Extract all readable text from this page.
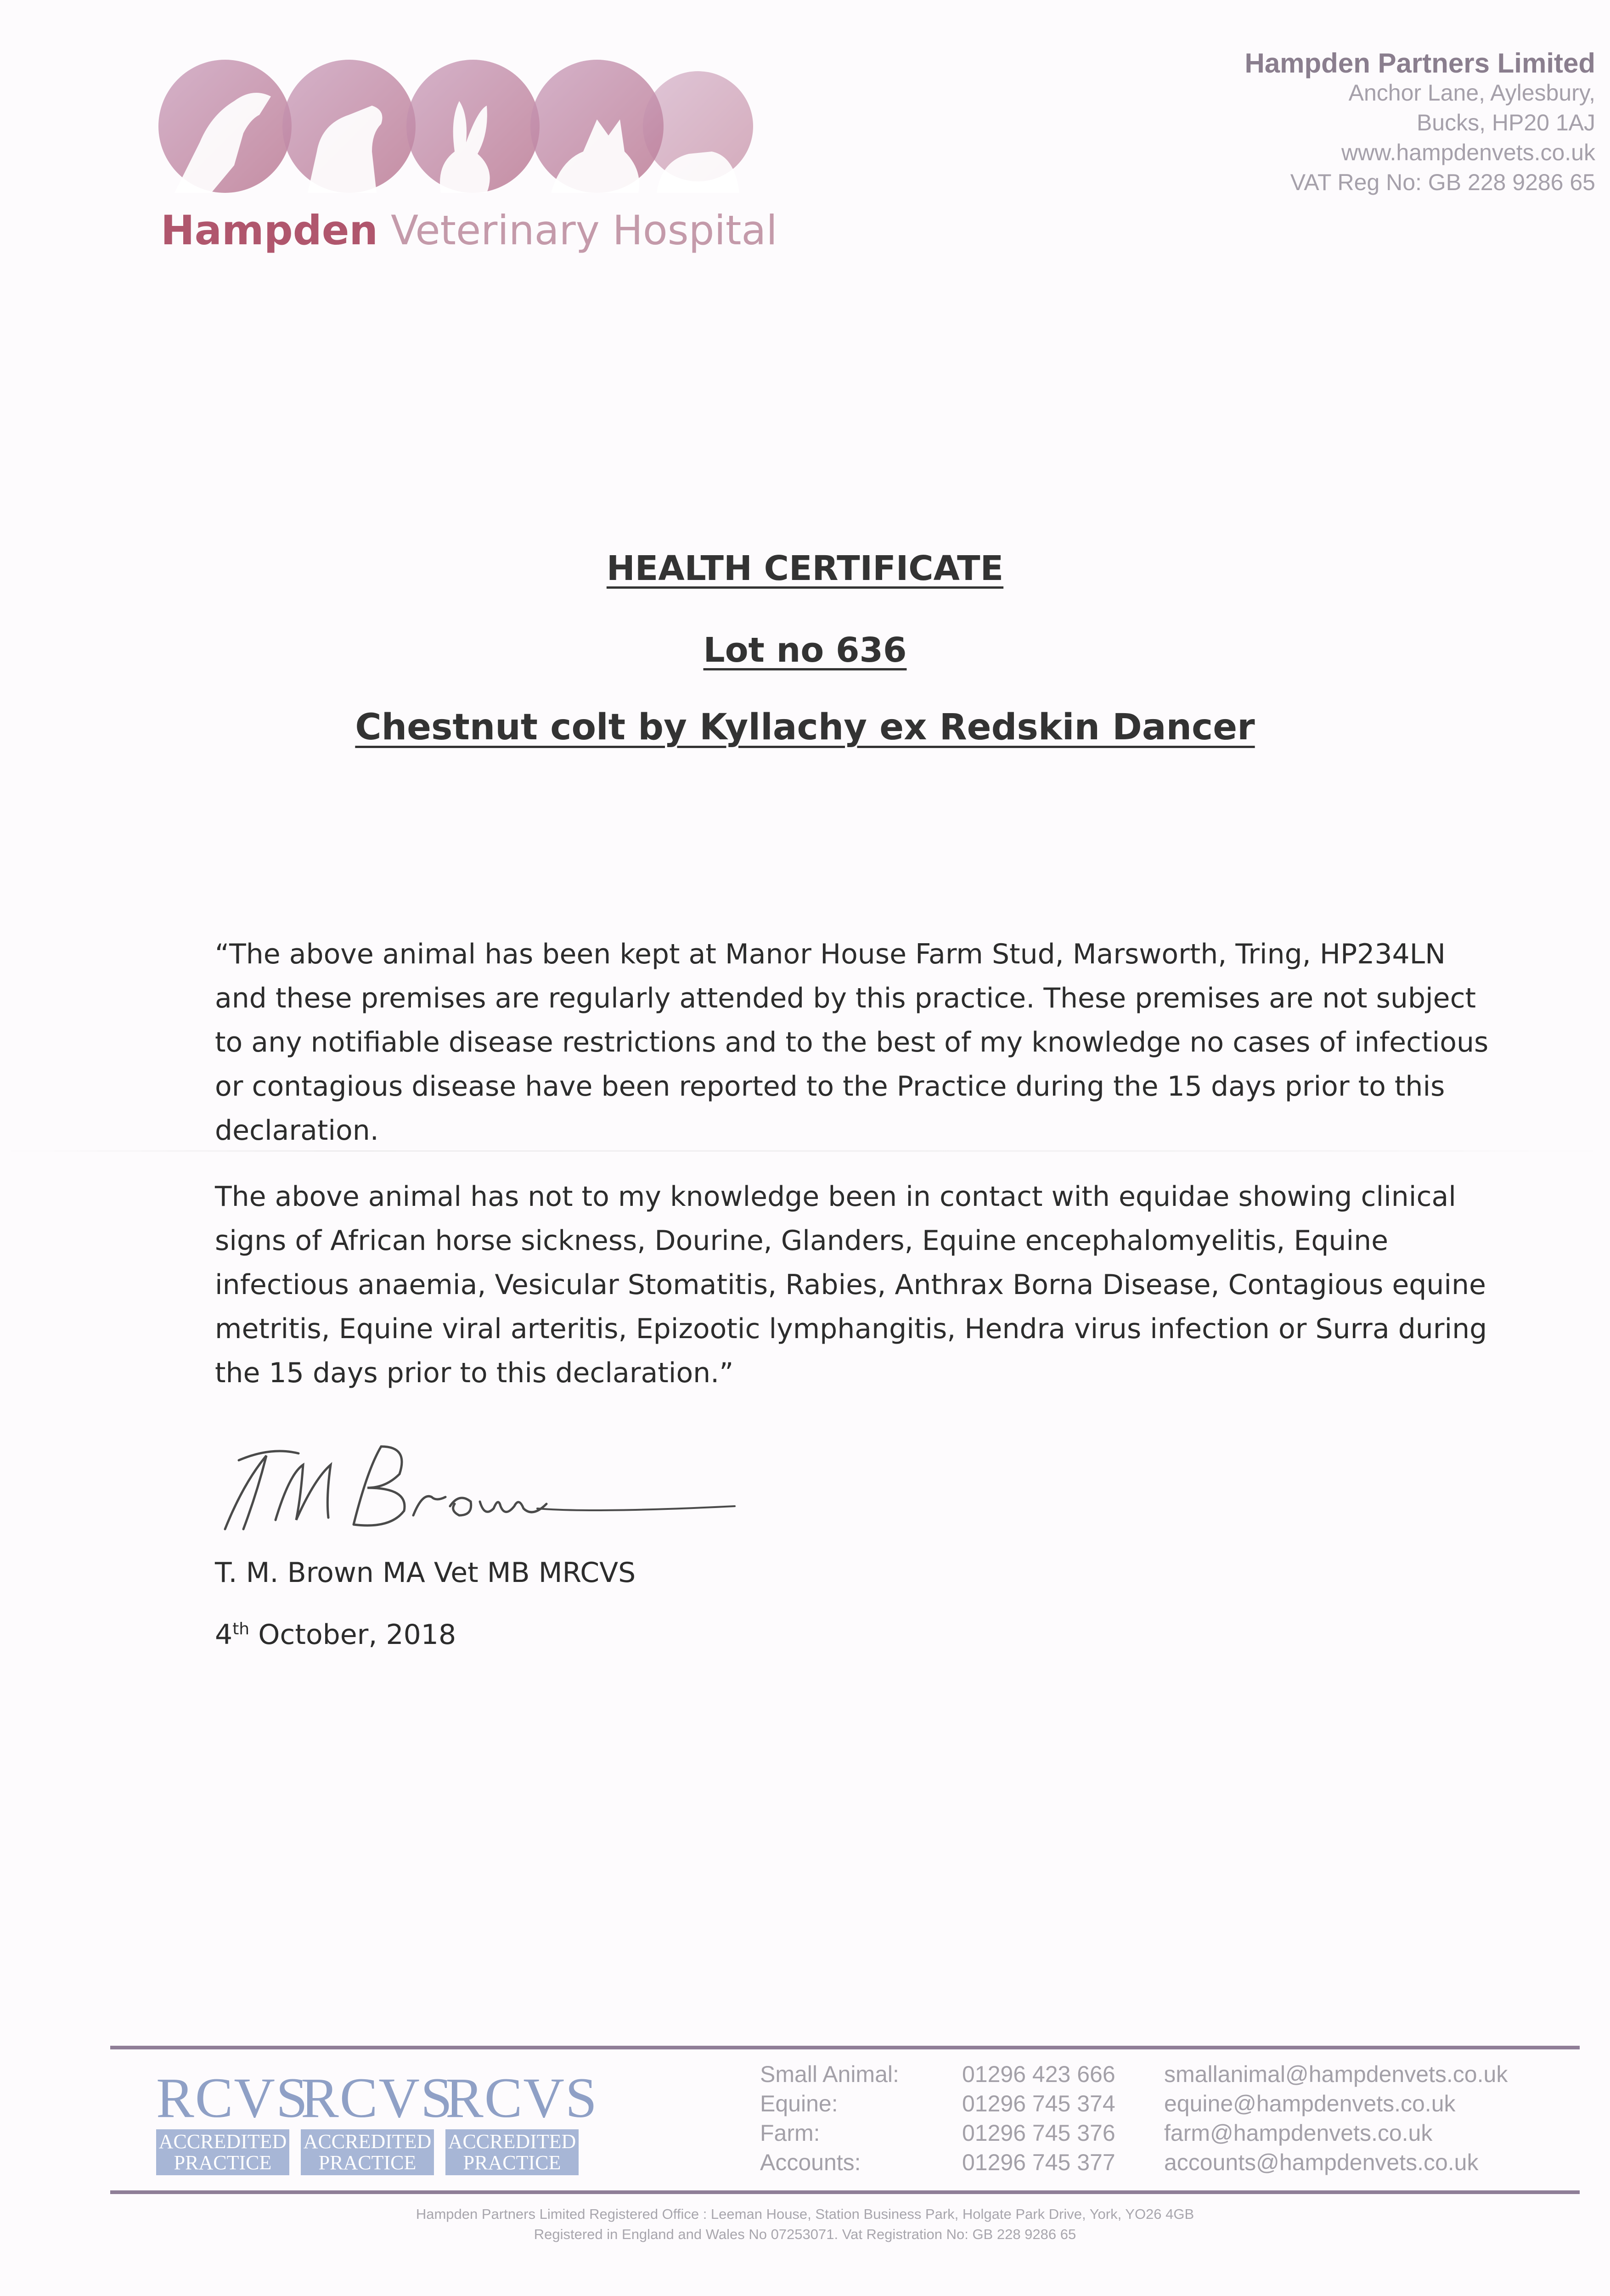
Hampden Veterinary Hospital
Hampden Partners Limited
Anchor Lane, Aylesbury,
Bucks, HP20 1AJ
www.hampdenvets.co.uk
VAT Reg No: GB 228 9286 65
HEALTH CERTIFICATE
Lot no 636
Chestnut colt by Kyllachy ex Redskin Dancer

“The above animal has been kept at Manor House Farm Stud, Marsworth, Tring, HP234LN and these premises are regularly attended by this practice. These premises are not subject to any notifiable disease restrictions and to the best of my knowledge no cases of infectious or contagious disease have been reported to the Practice during the 15 days prior to this declaration.

The above animal has not to my knowledge been in contact with equidae showing clinical signs of African horse sickness, Dourine, Glanders, Equine encephalomyelitis, Equine infectious anaemia, Vesicular Stomatitis, Rabies, Anthrax Borna Disease, Contagious equine metritis, Equine viral arteritis, Epizootic lymphangitis, Hendra virus infection or Surra during the 15 days prior to this declaration.”

T. M. Brown MA Vet MB MRCVS
4th October, 2018
RCVS
ACCREDITED
PRACTICE
RCVS
ACCREDITED
PRACTICE
RCVS
ACCREDITED
PRACTICE
Small Animal:	01296 423 666	smallanimal@hampdenvets.co.uk
Equine:	01296 745 374	equine@hampdenvets.co.uk
Farm:	01296 745 376	farm@hampdenvets.co.uk
Accounts:	01296 745 377	accounts@hampdenvets.co.uk
Hampden Partners Limited Registered Office : Leeman House, Station Business Park, Holgate Park Drive, York, YO26 4GB
Registered in England and Wales No 07253071. Vat Registration No: GB 228 9286 65
